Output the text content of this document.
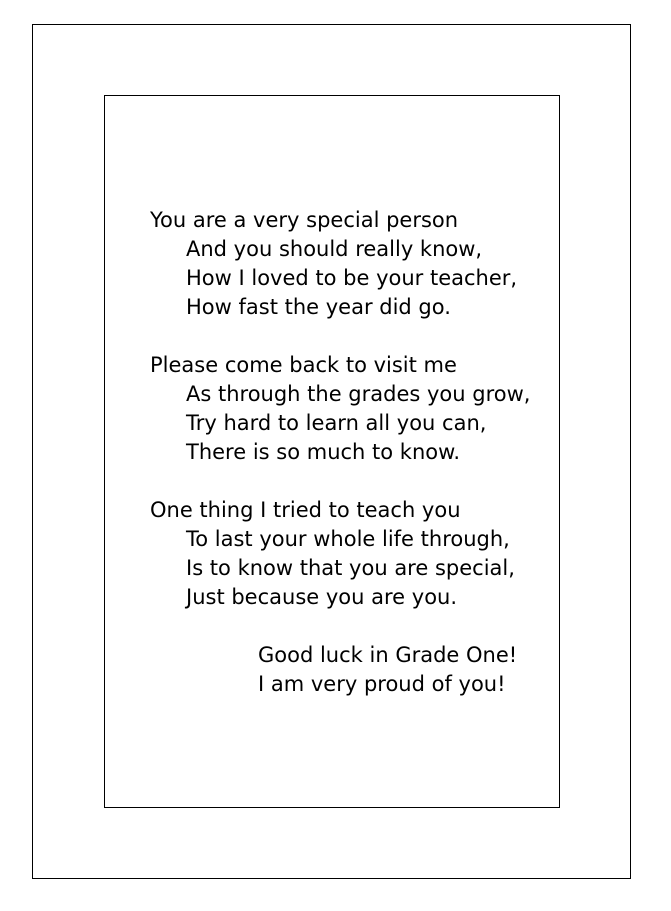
You are a very special person
And you should really know,
How I loved to be your teacher,
How fast the year did go.
Please come back to visit me
As through the grades you grow,
Try hard to learn all you can,
There is so much to know.
One thing I tried to teach you
To last your whole life through,
Is to know that you are special,
Just because you are you.
Good luck in Grade One!
I am very proud of you!
